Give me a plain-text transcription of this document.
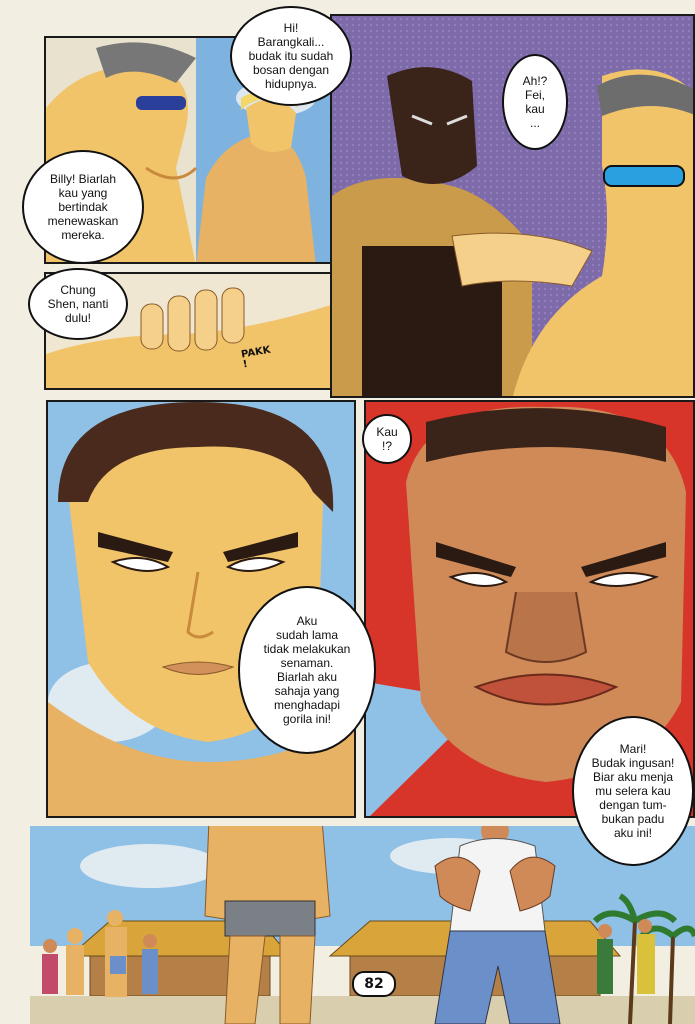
PAKK
!
Hi!
Barangkali...
budak itu sudah
bosan dengan
hidupnya.
Billy! Biarlah
kau yang
bertindak
menewaskan
mereka.
Chung
Shen, nanti
dulu!
Ah!?
Fei,
kau
...
Aku
sudah lama
tidak melakukan
senaman.
Biarlah aku
sahaja yang
menghadapi
gorila ini!
Kau
!?
Mari!
Budak ingusan!
Biar aku menja
mu selera kau
dengan tum-
bukan padu
aku ini!
82
